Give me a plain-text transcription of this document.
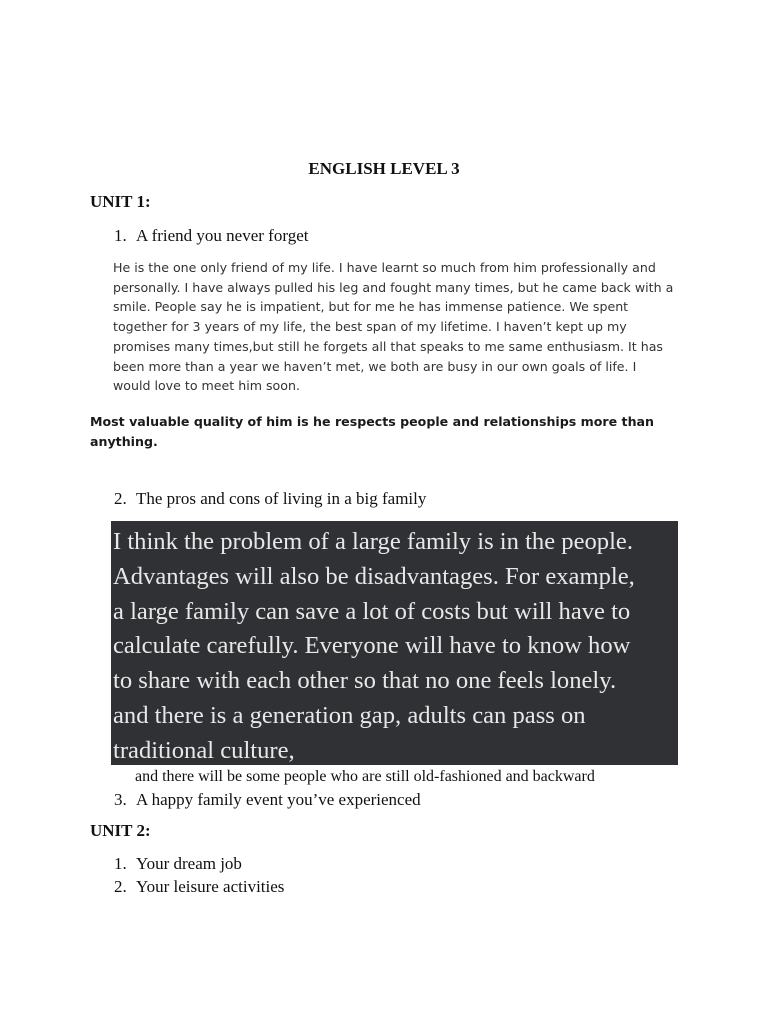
ENGLISH LEVEL 3
UNIT 1:
1. A friend you never forget
He is the one only friend of my life. I have learnt so much from him professionally and
personally. I have always pulled his leg and fought many times, but he came back with a
smile. People say he is impatient, but for me he has immense patience. We spent
together for 3 years of my life, the best span of my lifetime. I haven’t kept up my
promises many times,but still he forgets all that speaks to me same enthusiasm. It has
been more than a year we haven’t met, we both are busy in our own goals of life. I
would love to meet him soon.
Most valuable quality of him is he respects people and relationships more than
anything.
2. The pros and cons of living in a big family
I think the problem of a large family is in the people.
Advantages will also be disadvantages. For example,
a large family can save a lot of costs but will have to
calculate carefully. Everyone will have to know how
to share with each other so that no one feels lonely.
and there is a generation gap, adults can pass on
traditional culture,
and there will be some people who are still old-fashioned and backward
3. A happy family event you’ve experienced
UNIT 2:
1. Your dream job
2. Your leisure activities
